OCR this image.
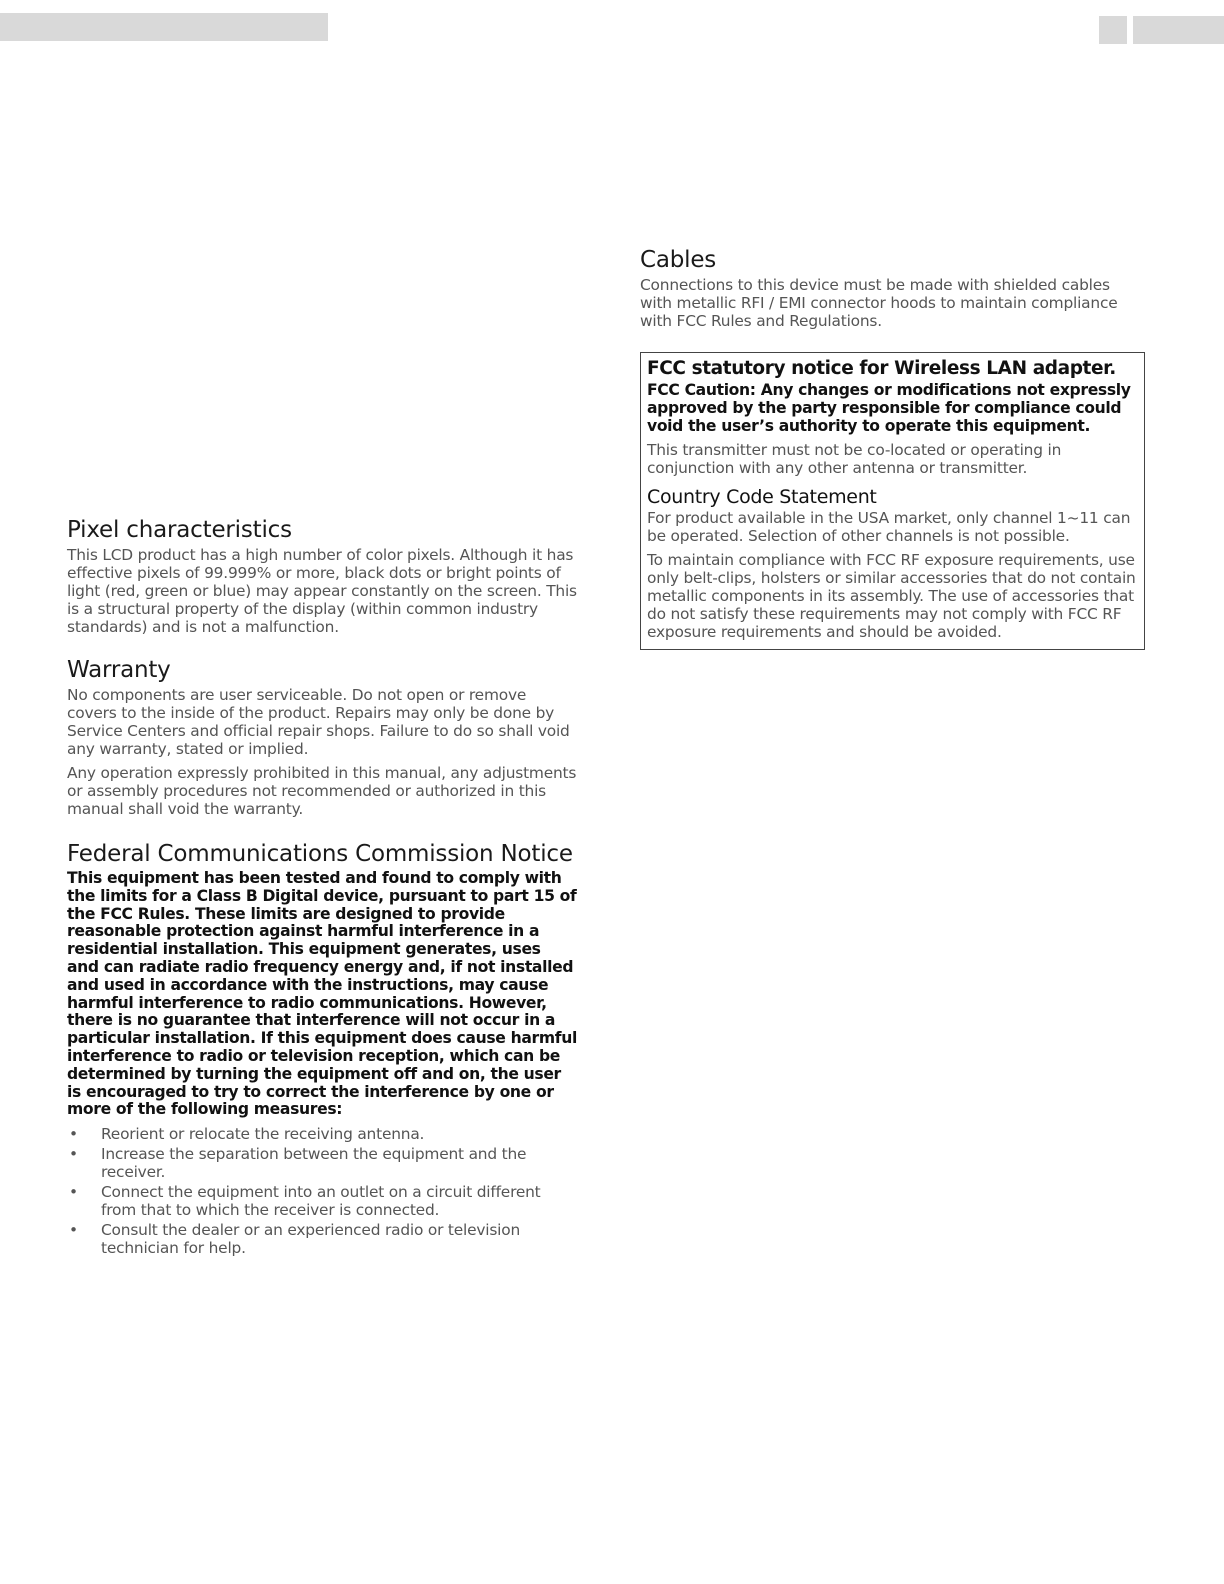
Pixel characteristics

This LCD product has a high number of color pixels. Although it has effective pixels of 99.999% or more, black dots or bright points of light (red, green or blue) may appear constantly on the screen. This is a structural property of the display (within common industry standards) and is not a malfunction.

Warranty

No components are user serviceable. Do not open or remove covers to the inside of the product. Repairs may only be done by Service Centers and official repair shops. Failure to do so shall void any warranty, stated or implied.

Any operation expressly prohibited in this manual, any adjustments or assembly procedures not recommended or authorized in this manual shall void the warranty.

Federal Communications Commission Notice

This equipment has been tested and found to comply with the limits for a Class B Digital device, pursuant to part 15 of the FCC Rules. These limits are designed to provide reasonable protection against harmful interference in a residential installation. This equipment generates, uses and can radiate radio frequency energy and, if not installed and used in accordance with the instructions, may cause harmful interference to radio communications. However, there is no guarantee that interference will not occur in a particular installation. If this equipment does cause harmful interference to radio or television reception, which can be determined by turning the equipment off and on, the user is encouraged to try to correct the interference by one or more of the following measures:

• Reorient or relocate the receiving antenna.
• Increase the separation between the equipment and the receiver.
• Connect the equipment into an outlet on a circuit different from that to which the receiver is connected.
• Consult the dealer or an experienced radio or television technician for help.
Cables

Connections to this device must be made with shielded cables with metallic RFI / EMI connector hoods to maintain compliance with FCC Rules and Regulations.

FCC statutory notice for Wireless LAN adapter.

FCC Caution: Any changes or modifications not expressly approved by the party responsible for compliance could void the user’s authority to operate this equipment.

This transmitter must not be co-located or operating in conjunction with any other antenna or transmitter.

Country Code Statement

For product available in the USA market, only channel 1~11 can be operated. Selection of other channels is not possible.

To maintain compliance with FCC RF exposure requirements, use only belt-clips, holsters or similar accessories that do not contain metallic components in its assembly. The use of accessories that do not satisfy these requirements may not comply with FCC RF exposure requirements and should be avoided.
